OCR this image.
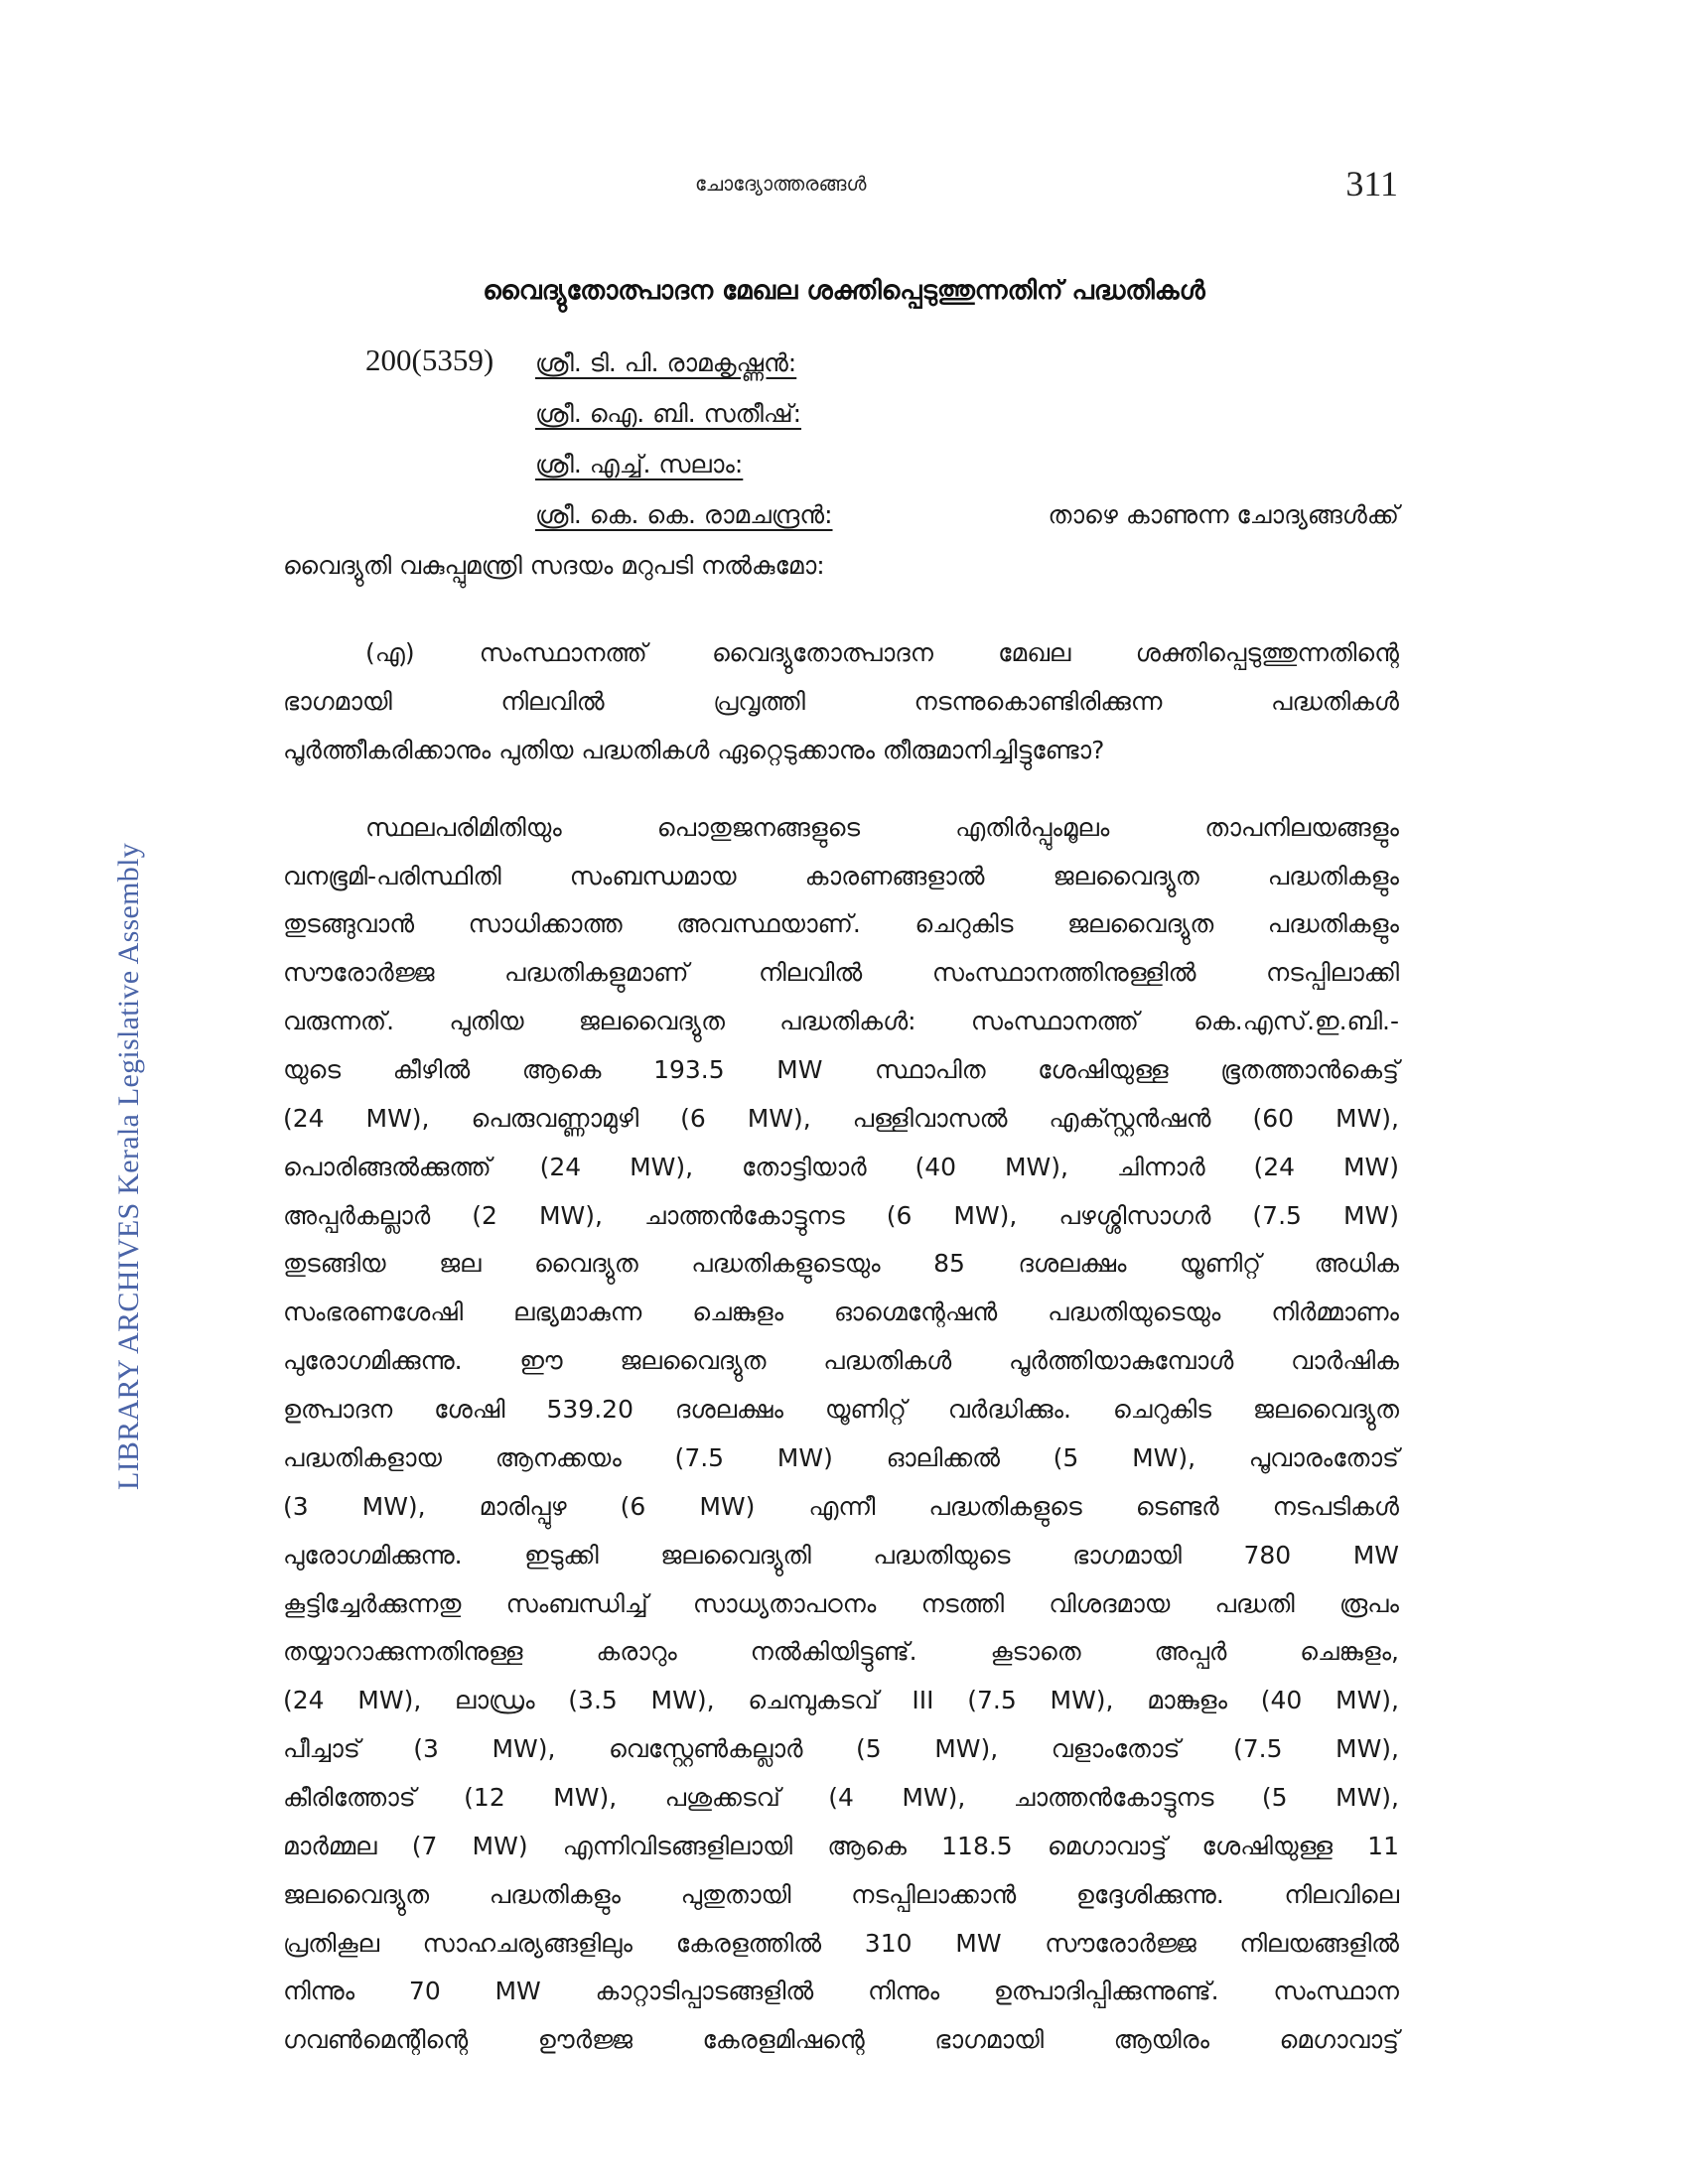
LIBRARY ARCHIVES Kerala Legislative Assembly
ചോദ്യോത്തരങ്ങൾ	311
വൈദ്യുതോത്പാദന മേഖല ശക്തിപ്പെടുത്തുന്നതിന് പദ്ധതികൾ
200(5359) ശ്രീ. ടി. പി. രാമകൃഷ്ണൻ:
ശ്രീ. ഐ. ബി. സതീഷ്:
ശ്രീ. എച്ച്. സലാം:
ശ്രീ. കെ. കെ. രാമചന്ദ്രൻ:	താഴെ കാണുന്ന ചോദ്യങ്ങൾക്ക്
വൈദ്യുതി വകുപ്പുമന്ത്രി സദയം മറുപടി നൽകുമോ:
(എ) സംസ്ഥാനത്ത് വൈദ്യുതോത്പാദന മേഖല ശക്തിപ്പെടുത്തുന്നതിന്റെ
ഭാഗമായി നിലവിൽ പ്രവൃത്തി നടന്നുകൊണ്ടിരിക്കുന്ന പദ്ധതികൾ
പൂർത്തീകരിക്കാനും പുതിയ പദ്ധതികൾ ഏറ്റെടുക്കാനും തീരുമാനിച്ചിട്ടുണ്ടോ?
സ്ഥലപരിമിതിയും പൊതുജനങ്ങളുടെ എതിർപ്പുംമൂലം താപനിലയങ്ങളും
വനഭൂമി-പരിസ്ഥിതി സംബന്ധമായ കാരണങ്ങളാൽ ജലവൈദ്യുത പദ്ധതികളും
തുടങ്ങുവാൻ സാധിക്കാത്ത അവസ്ഥയാണ്. ചെറുകിട ജലവൈദ്യുത പദ്ധതികളും
സൗരോർജ്ജ പദ്ധതികളുമാണ് നിലവിൽ സംസ്ഥാനത്തിനുള്ളിൽ നടപ്പിലാക്കി
വരുന്നത്. പുതിയ ജലവൈദ്യുത പദ്ധതികൾ: സംസ്ഥാനത്ത് കെ.എസ്.ഇ.ബി.-
യുടെ കീഴിൽ ആകെ 193.5 MW സ്ഥാപിത ശേഷിയുള്ള ഭൂതത്താൻകെട്ട്
(24 MW), പെരുവണ്ണാമുഴി (6 MW), പള്ളിവാസൽ എക്സ്റ്റൻഷൻ (60 MW),
പൊരിങ്ങൽക്കുത്ത് (24 MW), തോട്ടിയാർ (40 MW), ചിന്നാർ (24 MW)
അപ്പർകല്ലാർ (2 MW), ചാത്തൻകോട്ടുനട (6 MW), പഴശ്ശിസാഗർ (7.5 MW)
തുടങ്ങിയ ജല വൈദ്യുത പദ്ധതികളുടെയും 85 ദശലക്ഷം യൂണിറ്റ് അധിക
സംഭരണശേഷി ലഭ്യമാകുന്ന ചെങ്കുളം ഓഗ്മെന്റേഷൻ പദ്ധതിയുടെയും നിർമ്മാണം
പുരോഗമിക്കുന്നു. ഈ ജലവൈദ്യുത പദ്ധതികൾ പൂർത്തിയാകുമ്പോൾ വാർഷിക
ഉത്പാദന ശേഷി 539.20 ദശലക്ഷം യൂണിറ്റ് വർദ്ധിക്കും. ചെറുകിട ജലവൈദ്യുത
പദ്ധതികളായ ആനക്കയം (7.5 MW) ഓലിക്കൽ (5 MW), പൂവാരംതോട്
(3 MW), മാരിപ്പുഴ (6 MW) എന്നീ പദ്ധതികളുടെ ടെണ്ടർ നടപടികൾ
പുരോഗമിക്കുന്നു. ഇടുക്കി ജലവൈദ്യുതി പദ്ധതിയുടെ ഭാഗമായി 780 MW
കൂട്ടിച്ചേർക്കുന്നതു സംബന്ധിച്ച് സാധ്യതാപഠനം നടത്തി വിശദമായ പദ്ധതി രൂപം
തയ്യാറാക്കുന്നതിനുള്ള കരാറും നൽകിയിട്ടുണ്ട്. കൂടാതെ അപ്പർ ചെങ്കുളം,
(24 MW), ലാഡ്രം (3.5 MW), ചെമ്പുകടവ് III (7.5 MW), മാങ്കുളം (40 MW),
പീച്ചാട് (3 MW), വെസ്റ്റേൺകല്ലാർ (5 MW), വളാംതോട് (7.5 MW),
കീരിത്തോട് (12 MW), പശുക്കടവ് (4 MW), ചാത്തൻകോട്ടുനട (5 MW),
മാർമ്മല (7 MW) എന്നിവിടങ്ങളിലായി ആകെ 118.5 മെഗാവാട്ട് ശേഷിയുള്ള 11
ജലവൈദ്യുത പദ്ധതികളും പുതുതായി നടപ്പിലാക്കാൻ ഉദ്ദേശിക്കുന്നു. നിലവിലെ
പ്രതികൂല സാഹചര്യങ്ങളിലും കേരളത്തിൽ 310 MW സൗരോർജ്ജ നിലയങ്ങളിൽ
നിന്നും 70 MW കാറ്റാടിപ്പാടങ്ങളിൽ നിന്നും ഉത്പാദിപ്പിക്കുന്നുണ്ട്. സംസ്ഥാന
ഗവൺമെന്റിന്റെ ഊർജ്ജ കേരളമിഷന്റെ ഭാഗമായി ആയിരം മെഗാവാട്ട്
